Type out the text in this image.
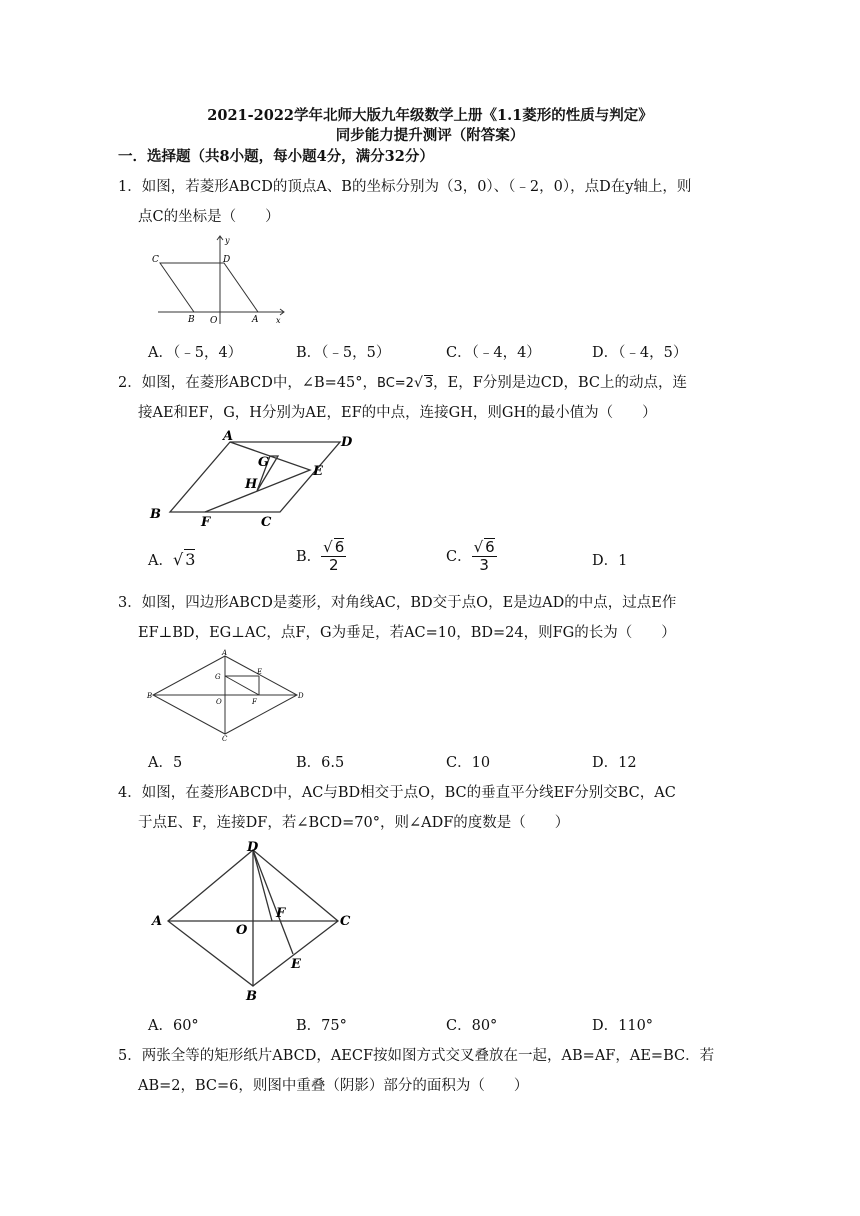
2021-2022学年北师大版九年级数学上册《1.1菱形的性质与判定》
同步能力提升测评（附答案）
一．选择题（共8小题，每小题4分，满分32分）
1．如图，若菱形ABCD的顶点A、B的坐标分别为（3，0）、（﹣2，0），点D在y轴上，则
点C的坐标是（　　）
C	D
B O	A x
y
A．（﹣5，4）	B．（﹣5，5）	C．（﹣4，4）	D．（﹣4，5）
2．如图，在菱形ABCD中，∠B=45°，BC=2√ 3，E，F分别是边CD，BC上的动点，连
接AE和EF，G，H分别为AE，EF的中点，连接GH，则GH的最小值为（　　）
A	D
G
E
H
B
F	C
A．√ 3	B． $\frac{√ 6}{2}$	C． $\frac{√ 6}{3}$	D．1
3．如图，四边形ABCD是菱形，对角线AC，BD交于点O，E是边AD的中点，过点E作
EF⊥BD，EG⊥AC，点F，G为垂足，若AC=10，BD=24，则FG的长为（　　）
A
E
G
B
O	F
D
C
A．5	B．6.5	C．10	D．12
4．如图，在菱形ABCD中，AC与BD相交于点O，BC的垂直平分线EF分别交BC，AC
于点E、F，连接DF，若∠BCD=70°，则∠ADF的度数是（　　）
D
A
F
C
O
E
B
A．60°	B．75°	C．80°	D．110°
5．两张全等的矩形纸片ABCD，AECF按如图方式交叉叠放在一起，AB=AF，AE=BC．若
AB=2，BC=6，则图中重叠（阴影）部分的面积为（　　）
